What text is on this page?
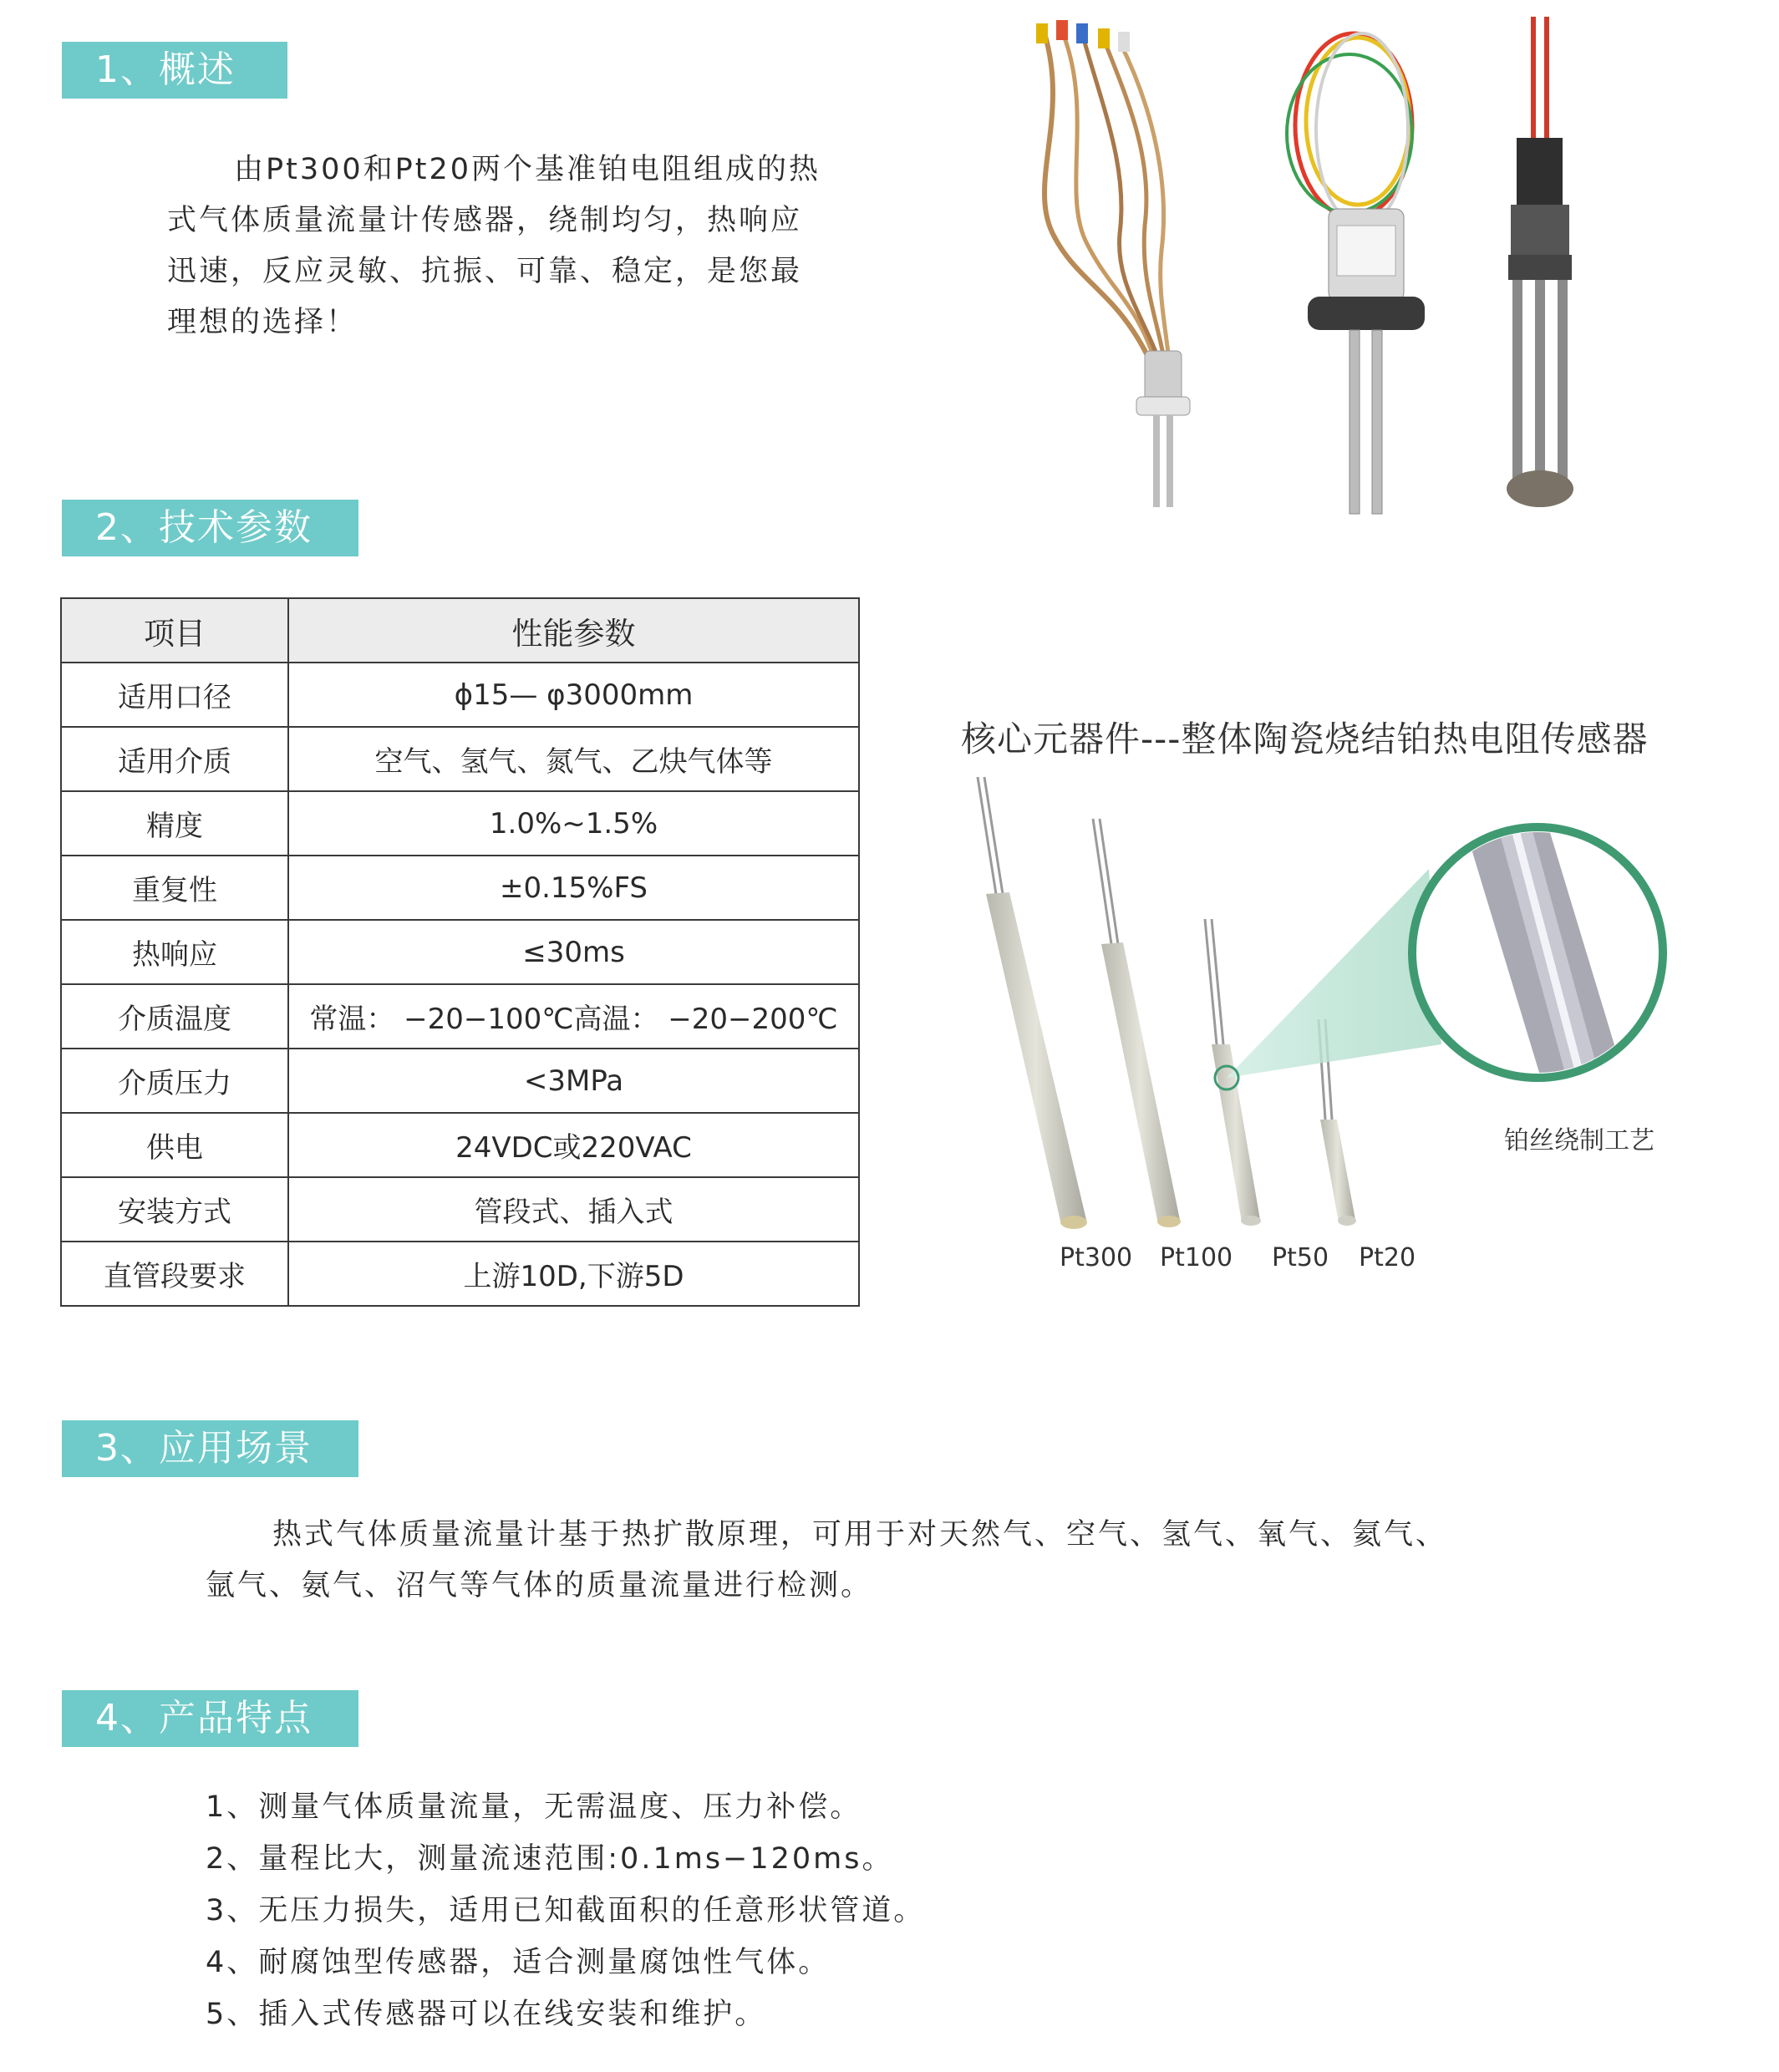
1、概述

由Pt300和Pt20两个基准铂电阻组成的热

式气体质量流量计传感器，绕制均匀，热响应

迅速，反应灵敏、抗振、可靠、稳定，是您最

理想的选择！

2、技术参数
项目	性能参数
适用口径	ϕ15— φ3000mm
适用介质	空气、氢气、氮气、乙炔气体等
精度	1.0%~1.5%
重复性	±0.15%FS
热响应	≤30ms
介质温度	常温： −20−100℃高温： −20−200℃
介质压力	<3MPa
供电	24VDC或220VAC
安装方式	管段式、插入式
直管段要求	上游10D,下游5D
核心元器件---整体陶瓷烧结铂热电阻传感器
铂丝绕制工艺
Pt300 Pt100 Pt50 Pt20
3、应用场景

热式气体质量流量计基于热扩散原理，可用于对天然气、空气、氢气、氧气、氦气、

氩气、氨气、沼气等气体的质量流量进行检测。

4、产品特点
1、测量气体质量流量，无需温度、压力补偿。
2、量程比大，测量流速范围:0.1ms−120ms。
3、无压力损失，适用已知截面积的任意形状管道。
4、耐腐蚀型传感器，适合测量腐蚀性气体。
5、插入式传感器可以在线安装和维护。
